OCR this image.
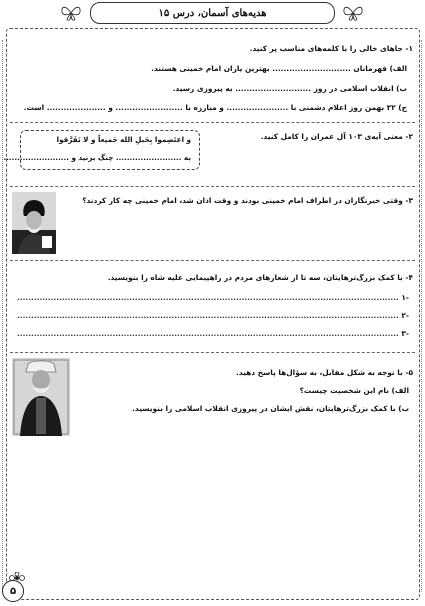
هدیه‌های آسمان، درس ۱۵
۱- جاهای خالی را با کلمه‌های مناسب پر کنید.
الف) قهرمانان ............................ بهترین یاران امام خمینی هستند.
ب) انقلاب اسلامی در روز ........................... به پیروزی رسید.
ج) ۲۲ بهمن روز اعلام دشمنی با ...................... و مبارزه با ........................ و ..................... است.
۲- معنی آیه‌ی ۱۰۳ آل عمران را کامل کنید.
و اعتَصِموا بِحَبلِ الله جَمیعاً و لا تَفَرَّقوا
به ........................ چنگ بزنید و ........................
۳- وقتی خبرنگاران در اطراف امام خمینی بودند و وقت اذان شد، امام خمینی چه کار کردند؟
۴- با کمک بزرگ‌ترهایتان، سه تا از شعارهای مردم در راهپیمایی علیه شاه را بنویسید.
-۱ ........................................................................................................................................
-۲ ........................................................................................................................................
-۳ ........................................................................................................................................
۵- با توجه به شکل مقابل، به سؤال‌ها پاسخ دهید.
الف) نام این شخصیت چیست؟
ب) با کمک بزرگ‌ترهایتان، نقش ایشان در پیروزی انقلاب اسلامی را بنویسید.
۵
